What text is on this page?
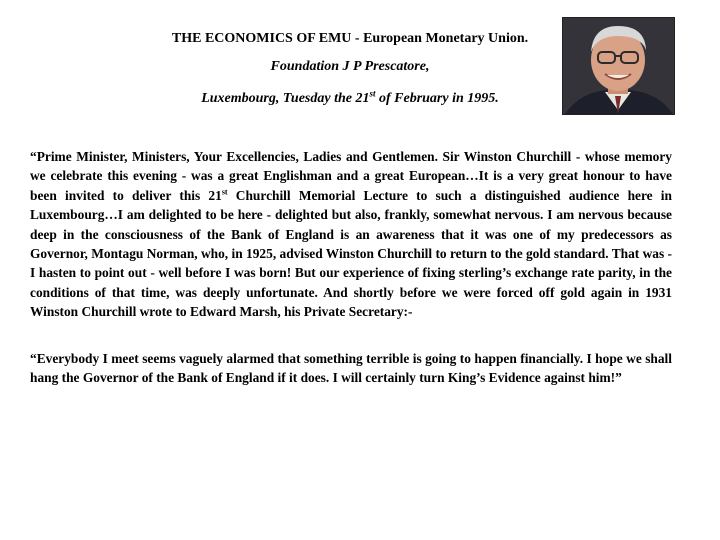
THE ECONOMICS OF EMU - European Monetary Union.

Foundation J P Prescatore,

Luxembourg, Tuesday the 21st of February in 1995.

“Prime Minister, Ministers, Your Excellencies, Ladies and Gentlemen. Sir Winston Churchill - whose memory we celebrate this evening - was a great Englishman and a great European…It is a very great honour to have been invited to deliver this 21st Churchill Memorial Lecture to such a distinguished audience here in Luxembourg…I am delighted to be here - delighted but also, frankly, somewhat nervous. I am nervous because deep in the consciousness of the Bank of England is an awareness that it was one of my predecessors as Governor, Montagu Norman, who, in 1925, advised Winston Churchill to return to the gold standard. That was - I hasten to point out - well before I was born! But our experience of fixing sterling’s exchange rate parity, in the conditions of that time, was deeply unfortunate. And shortly before we were forced off gold again in 1931 Winston Churchill wrote to Edward Marsh, his Private Secretary:-

“Everybody I meet seems vaguely alarmed that something terrible is going to happen financially. I hope we shall hang the Governor of the Bank of England if it does. I will certainly turn King’s Evidence against him!”
